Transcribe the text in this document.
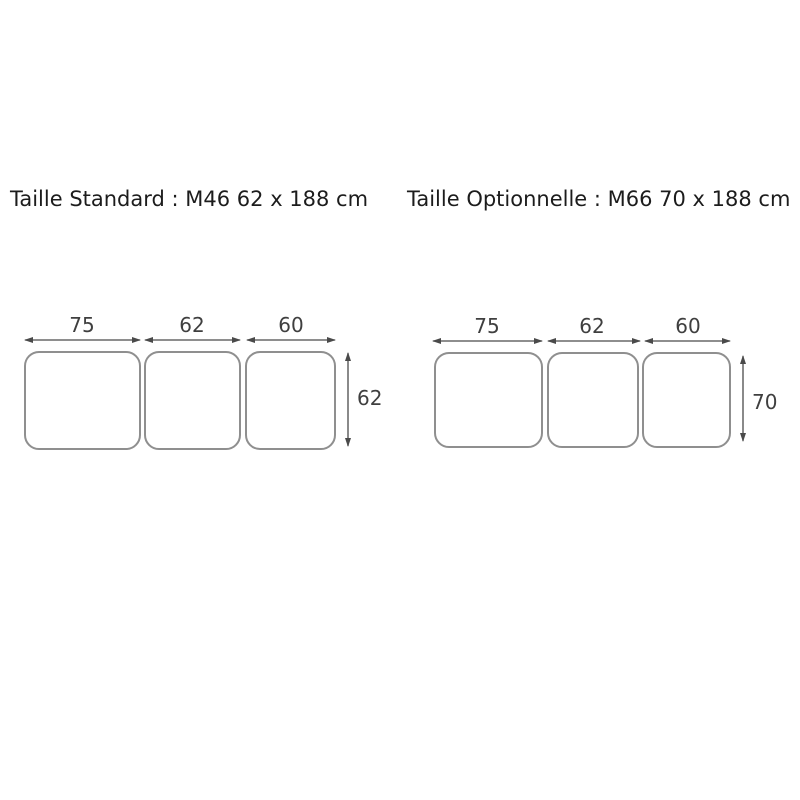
Taille Standard : M46 62 x 188 cm Taille Optionnelle : M66 70 x 188 cm
75	62	60
62
75	62	60
70
